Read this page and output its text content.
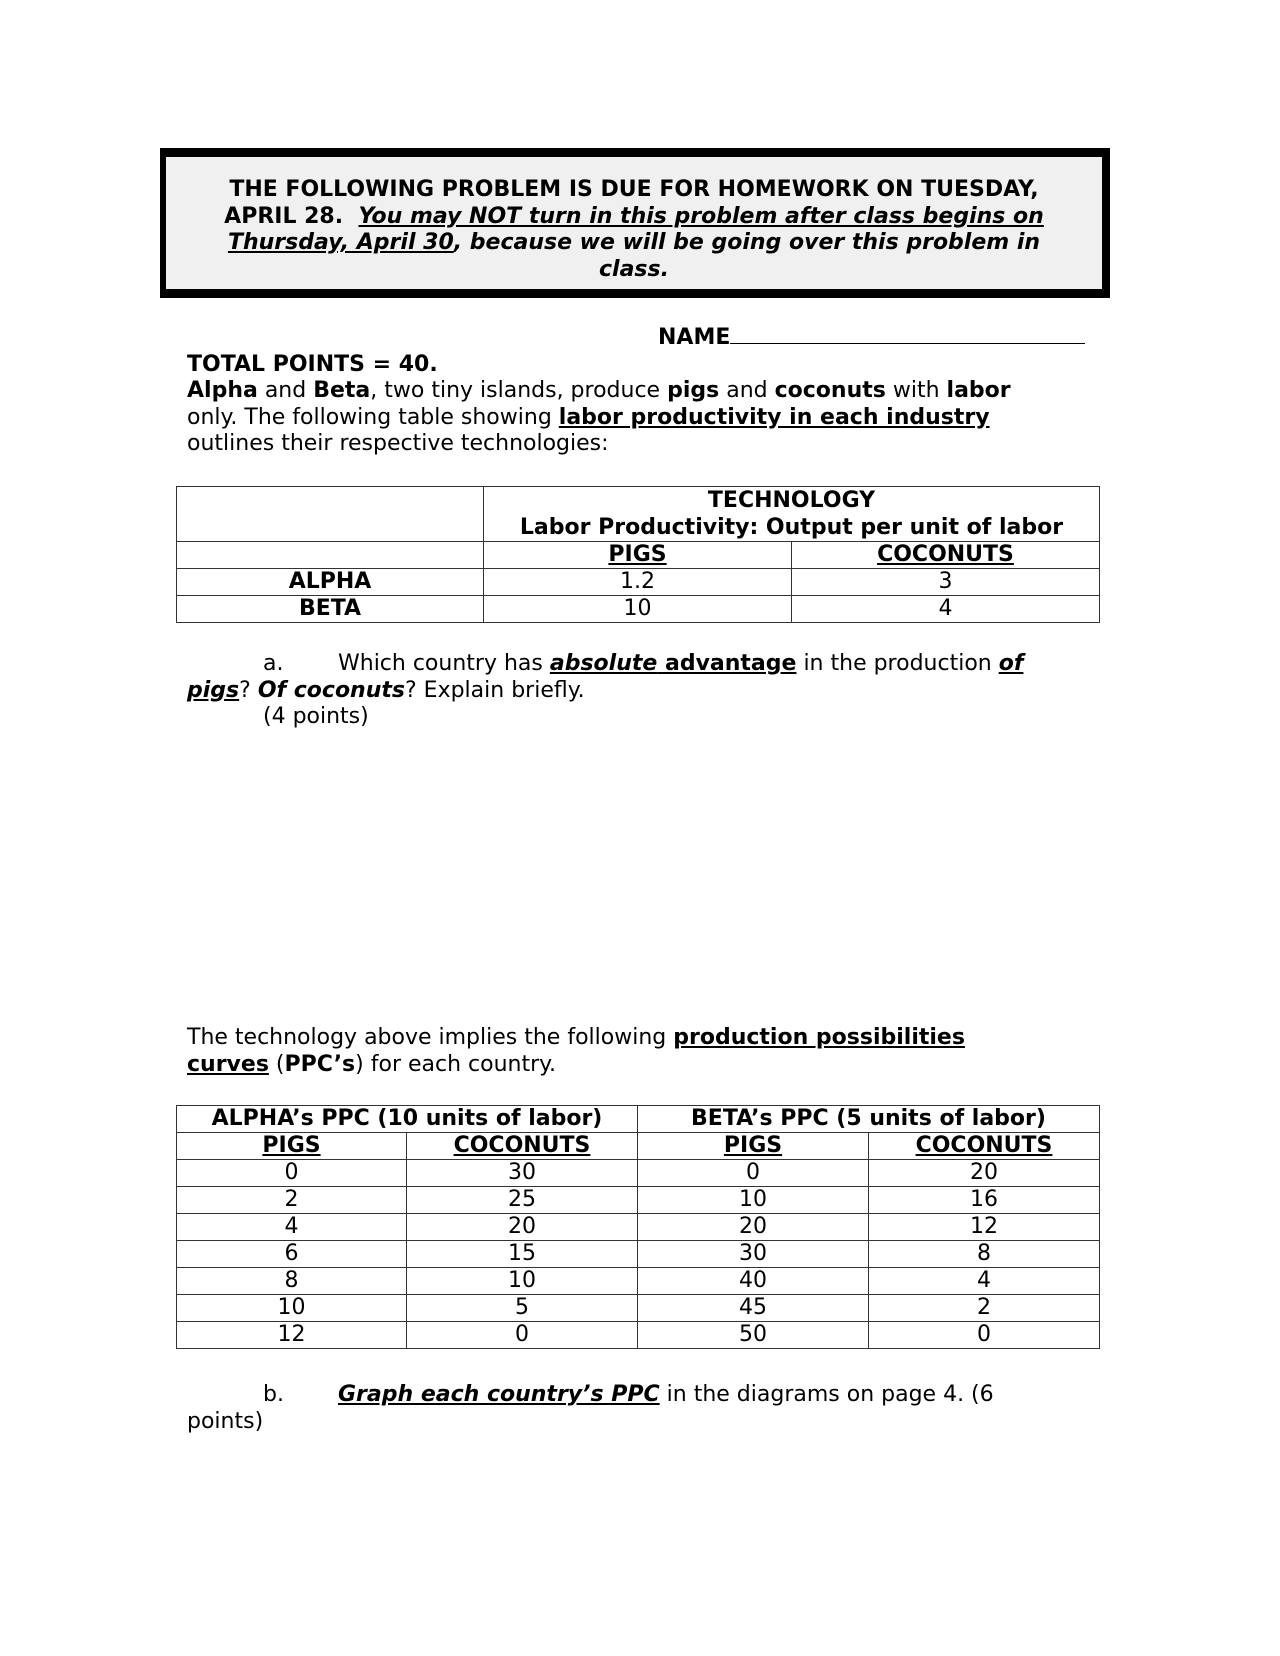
THE FOLLOWING PROBLEM IS DUE FOR HOMEWORK ON TUESDAY, APRIL 28. You may NOT turn in this problem after class begins on Thursday, April 30, because we will be going over this problem in class.
NAME
TOTAL POINTS = 40.
Alpha and Beta, two tiny islands, produce pigs and coconuts with labor only. The following table showing labor productivity in each industry outlines their respective technologies:

	TECHNOLOGY
Labor Productivity: Output per unit of labor	

	PIGS	COCONUTS
ALPHA	1.2	3
BETA	10	4
a. Which country has absolute advantage in the production of pigs? Of coconuts? Explain briefly.
(4 points)
The technology above implies the following production possibilities curves (PPC’s) for each country.
ALPHA’s PPC (10 units of labor)		BETA’s PPC (5 units of labor)	
PIGS	COCONUTS	PIGS	COCONUTS
0	30	0	20
2	25	10	16
4	20	20	12
6	15	30	8
8	10	40	4
10	5	45	2
12	0	50	0
b. Graph each country’s PPC in the diagrams on page 4. (6 points)
